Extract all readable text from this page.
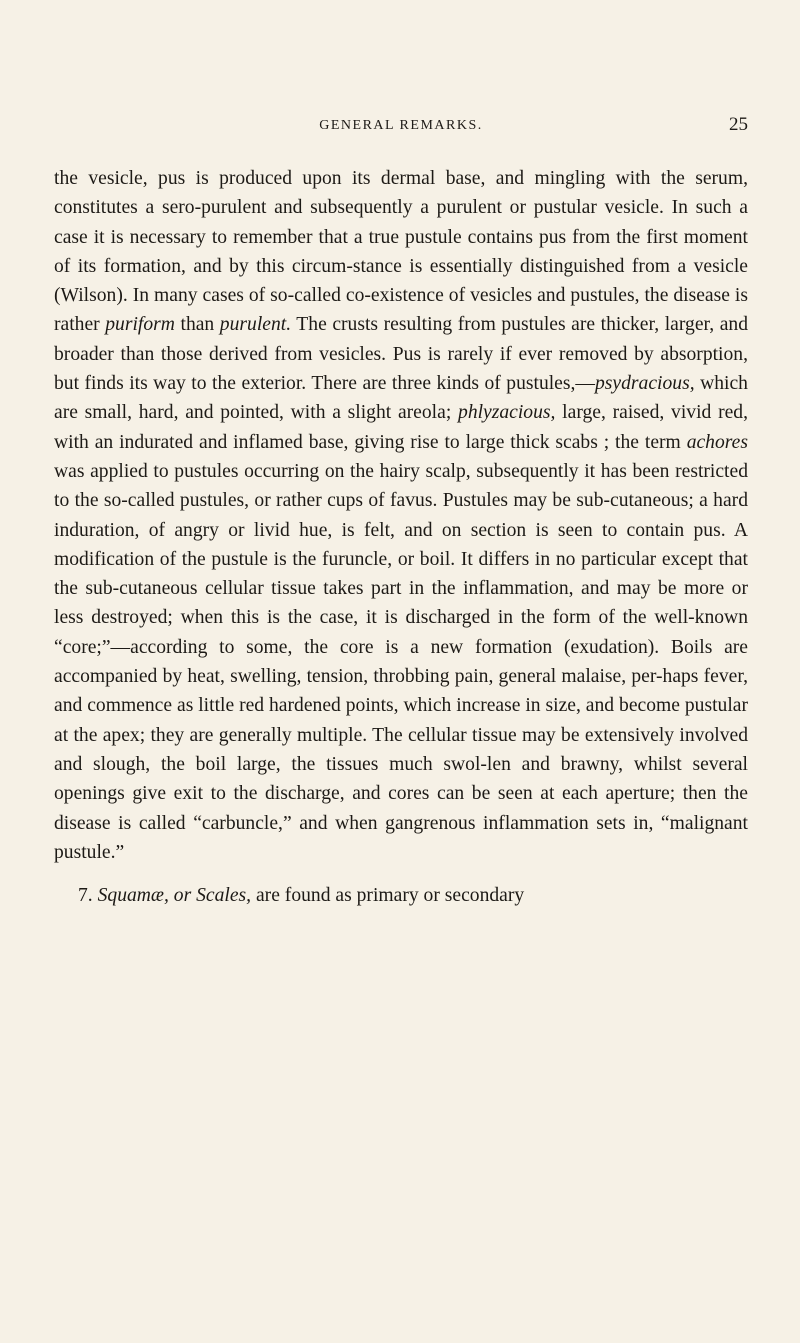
GENERAL REMARKS.	25

the vesicle, pus is produced upon its dermal base, and mingling with the serum, constitutes a sero-purulent and subsequently a purulent or pustular vesicle. In such a case it is necessary to remember that a true pustule contains pus from the first moment of its formation, and by this circum-stance is essentially distinguished from a vesicle (Wilson). In many cases of so-called co-existence of vesicles and pustules, the disease is rather puriform than purulent. The crusts resulting from pustules are thicker, larger, and broader than those derived from vesicles. Pus is rarely if ever removed by absorption, but finds its way to the exterior. There are three kinds of pustules,—psydracious, which are small, hard, and pointed, with a slight areola; phlyzacious, large, raised, vivid red, with an indurated and inflamed base, giving rise to large thick scabs ; the term achores was applied to pustules occurring on the hairy scalp, subsequently it has been restricted to the so-called pustules, or rather cups of favus. Pustules may be sub-cutaneous; a hard induration, of angry or livid hue, is felt, and on section is seen to contain pus. A modification of the pustule is the furuncle, or boil. It differs in no particular except that the sub-cutaneous cellular tissue takes part in the inflammation, and may be more or less destroyed; when this is the case, it is discharged in the form of the well-known “core;”—according to some, the core is a new formation (exudation). Boils are accompanied by heat, swelling, tension, throbbing pain, general malaise, per-haps fever, and commence as little red hardened points, which increase in size, and become pustular at the apex; they are generally multiple. The cellular tissue may be extensively involved and slough, the boil large, the tissues much swol-len and brawny, whilst several openings give exit to the discharge, and cores can be seen at each aperture; then the disease is called “carbuncle,” and when gangrenous inflammation sets in, “malignant pustule.”

7. Squamæ, or Scales, are found as primary or secondary
